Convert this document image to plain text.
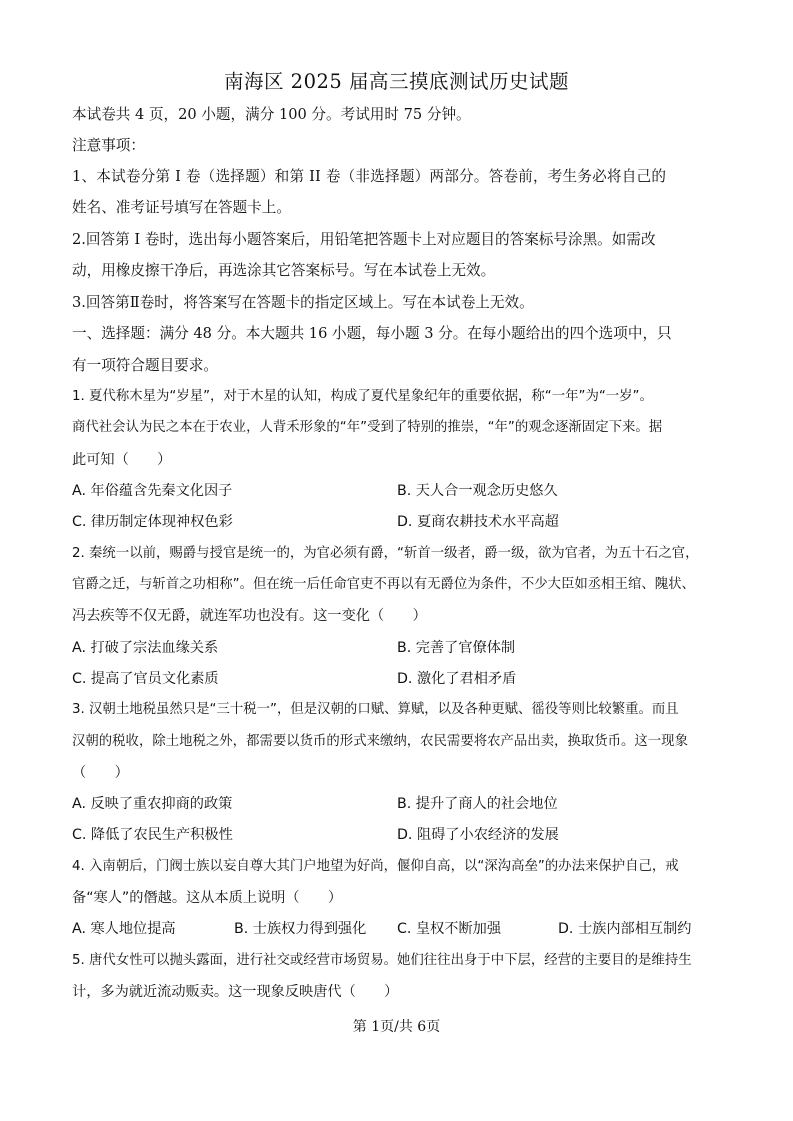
南海区 2025 届高三摸底测试历史试题
本试卷共 4 页，20 小题，满分 100 分。考试用时 75 分钟。
注意事项：
1、本试卷分第 I 卷（选择题）和第 II 卷（非选择题）两部分。答卷前，考生务必将自己的
姓名、准考证号填写在答题卡上。
2.回答第 I 卷时，选出每小题答案后，用铅笔把答题卡上对应题目的答案标号涂黑。如需改
动，用橡皮擦干净后，再选涂其它答案标号。写在本试卷上无效。
3.回答第Ⅱ卷时，将答案写在答题卡的指定区域上。写在本试卷上无效。
一、选择题：满分 48 分。本大题共 16 小题，每小题 3 分。在每小题给出的四个选项中，只
有一项符合题目要求。
1. 夏代称木星为“岁星”，对于木星的认知，构成了夏代星象纪年的重要依据，称“一年”为“一岁”。
商代社会认为民之本在于农业，人背禾形象的“年”受到了特别的推崇，“年”的观念逐渐固定下来。据
此可知（　　）
A. 年俗蕴含先秦文化因子	B. 天人合一观念历史悠久
C. 律历制定体现神权色彩	D. 夏商农耕技术水平高超
2. 秦统一以前，赐爵与授官是统一的，为官必须有爵，“斩首一级者，爵一级，欲为官者，为五十石之官，
官爵之迁，与斩首之功相称”。但在统一后任命官吏不再以有无爵位为条件，不少大臣如丞相王绾、隗状、
冯去疾等不仅无爵，就连军功也没有。这一变化（　　）
A. 打破了宗法血缘关系	B. 完善了官僚体制
C. 提高了官员文化素质	D. 激化了君相矛盾
3. 汉朝土地税虽然只是“三十税一”，但是汉朝的口赋、算赋，以及各种更赋、徭役等则比较繁重。而且
汉朝的税收，除土地税之外，都需要以货币的形式来缴纳，农民需要将农产品出卖，换取货币。这一现象
（　　）
A. 反映了重农抑商的政策	B. 提升了商人的社会地位
C. 降低了农民生产积极性	D. 阻碍了小农经济的发展
4. 入南朝后，门阀士族以妄自尊大其门户地望为好尚，偃仰自高，以“深沟高垒”的办法来保护自己，戒
备“寒人”的僭越。这从本质上说明（　　）
A. 寒人地位提高	B. 士族权力得到强化 C. 皇权不断加强	D. 士族内部相互制约
5. 唐代女性可以抛头露面，进行社交或经营市场贸易。她们往往出身于中下层，经营的主要目的是维持生
计，多为就近流动贩卖。这一现象反映唐代（　　）
第 1页/共 6页
